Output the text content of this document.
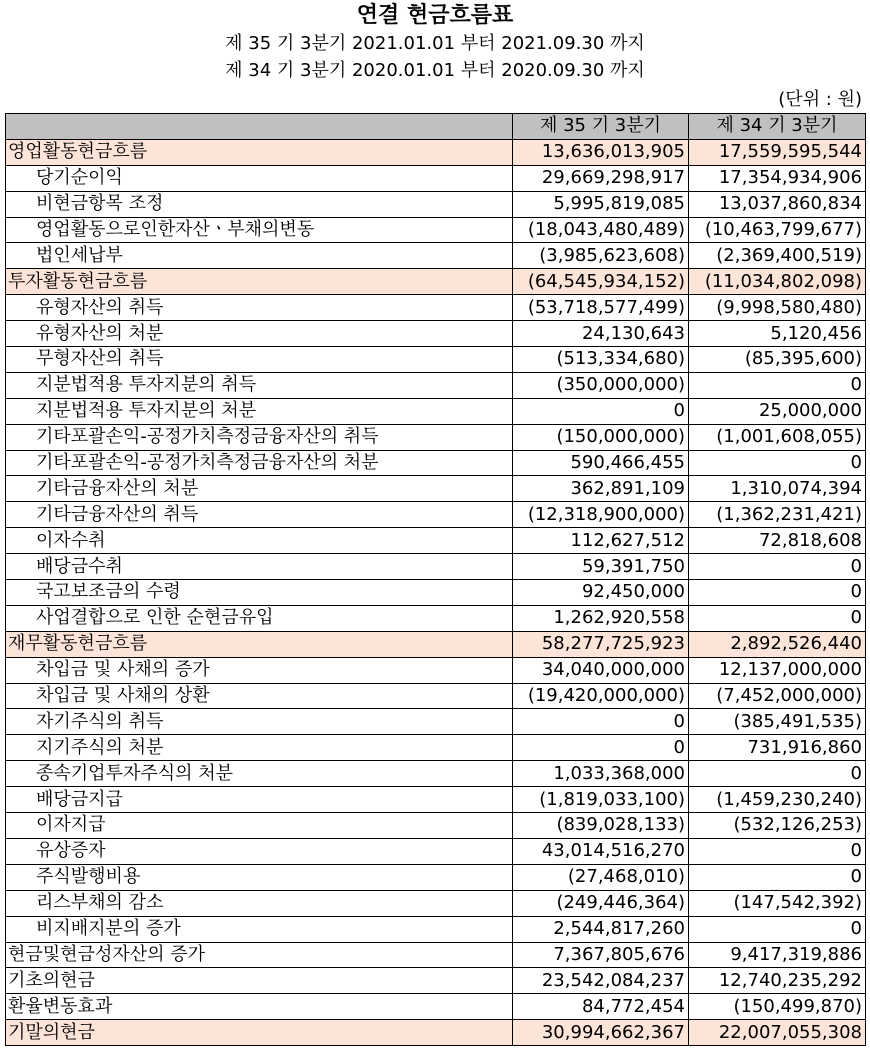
연결 현금흐름표
제 35 기 3분기 2021.01.01 부터 2021.09.30 까지
제 34 기 3분기 2020.01.01 부터 2020.09.30 까지
(단위 : 원)
	제 35 기 3분기	제 34 기 3분기
영업활동현금흐름	13,636,013,905	17,559,595,544
당기순이익	29,669,298,917	17,354,934,906
비현금항목 조정	5,995,819,085	13,037,860,834
영업활동으로인한자산ㆍ부채의변동	(18,043,480,489)	(10,463,799,677)
법인세납부	(3,985,623,608)	(2,369,400,519)
투자활동현금흐름	(64,545,934,152)	(11,034,802,098)
유형자산의 취득	(53,718,577,499)	(9,998,580,480)
유형자산의 처분	24,130,643	5,120,456
무형자산의 취득	(513,334,680)	(85,395,600)
지분법적용 투자지분의 취득	(350,000,000)	0
지분법적용 투자지분의 처분	0	25,000,000
기타포괄손익-공정가치측정금융자산의 취득	(150,000,000)	(1,001,608,055)
기타포괄손익-공정가치측정금융자산의 처분	590,466,455	0
기타금융자산의 처분	362,891,109	1,310,074,394
기타금융자산의 취득	(12,318,900,000)	(1,362,231,421)
이자수취	112,627,512	72,818,608
배당금수취	59,391,750	0
국고보조금의 수령	92,450,000	0
사업결합으로 인한 순현금유입	1,262,920,558	0
재무활동현금흐름	58,277,725,923	2,892,526,440
차입금 및 사채의 증가	34,040,000,000	12,137,000,000
차입금 및 사채의 상환	(19,420,000,000)	(7,452,000,000)
자기주식의 취득	0	(385,491,535)
지기주식의 처분	0	731,916,860
종속기업투자주식의 처분	1,033,368,000	0
배당금지급	(1,819,033,100)	(1,459,230,240)
이자지급	(839,028,133)	(532,126,253)
유상증자	43,014,516,270	0
주식발행비용	(27,468,010)	0
리스부채의 감소	(249,446,364)	(147,542,392)
비지배지분의 증가	2,544,817,260	0
현금및현금성자산의 증가	7,367,805,676	9,417,319,886
기초의현금	23,542,084,237	12,740,235,292
환율변동효과	84,772,454	(150,499,870)
기말의현금	30,994,662,367	22,007,055,308
